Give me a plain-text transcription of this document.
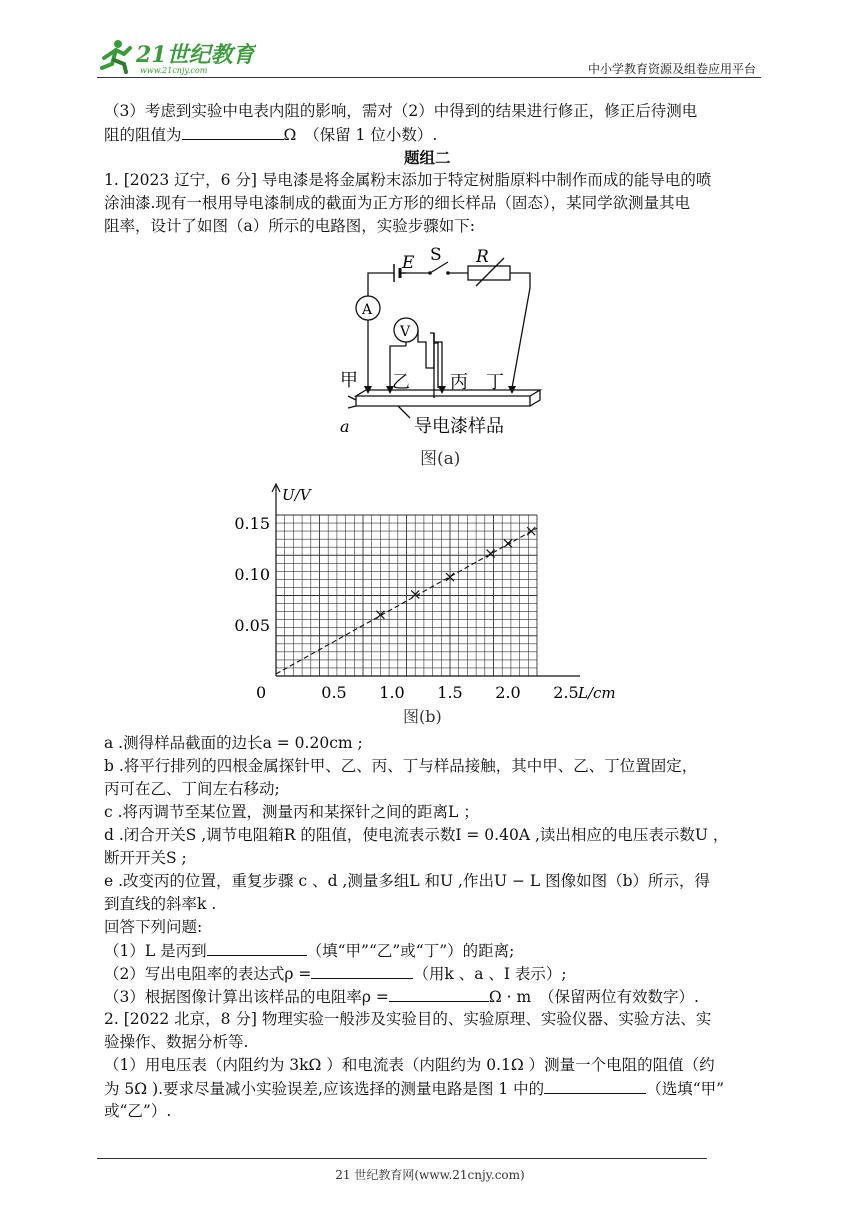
21世纪教育
www.21cnjy.com	中小学教育资源及组卷应用平台
（3）考虑到实验中电表内阻的影响，需对（2）中得到的结果进行修正，修正后待测电
阻的阻值为	Ω　（保留 1 位小数）.
题组二
1. [2023 辽宁，6 分] 导电漆是将金属粉末添加于特定树脂原料中制作而成的能导电的喷
涂油漆.现有一根用导电漆制成的截面为正方形的细长样品（固态），某同学欲测量其电
阻率，设计了如图（a）所示的电路图，实验步骤如下:
E S R
A
V
甲 乙 丙 丁
导电漆样品
a
图(a)
0.5 1.0 1.5 2.0 2.5
0.05
0.10
0.15
U/V
L/cm
0
图(b)
a .测得样品截面的边长a = 0.20cm ;
b .将平行排列的四根金属探针甲、乙、丙、丁与样品接触，其中甲、乙、丁位置固定，
丙可在乙、丁间左右移动;
c .将丙调节至某位置，测量丙和某探针之间的距离L ；
d .闭合开关S ,调节电阻箱R 的阻值，使电流表示数I = 0.40A ,读出相应的电压表示数U ，
断开开关S ;
e .改变丙的位置，重复步骤 c 、d ,测量多组L 和U ,作出U − L 图像如图（b）所示，得
到直线的斜率k .
回答下列问题:
（1）L 是丙到	（填“甲”“乙”或“丁”）的距离;
（2）写出电阻率的表达式ρ =	（用k 、a 、I 表示）;
（3）根据图像计算出该样品的电阻率ρ =	Ω · m　（保留两位有效数字）.
2. [2022 北京，8 分] 物理实验一般涉及实验目的、实验原理、实验仪器、实验方法、实
验操作、数据分析等.
（1）用电压表（内阻约为 3kΩ ）和电流表（内阻约为 0.1Ω ）测量一个电阻的阻值（约
为 5Ω ).要求尽量减小实验误差,应该选择的测量电路是图 1 中的	（选填“甲”
或“乙”）.
21 世纪教育网(www.21cnjy.com)
